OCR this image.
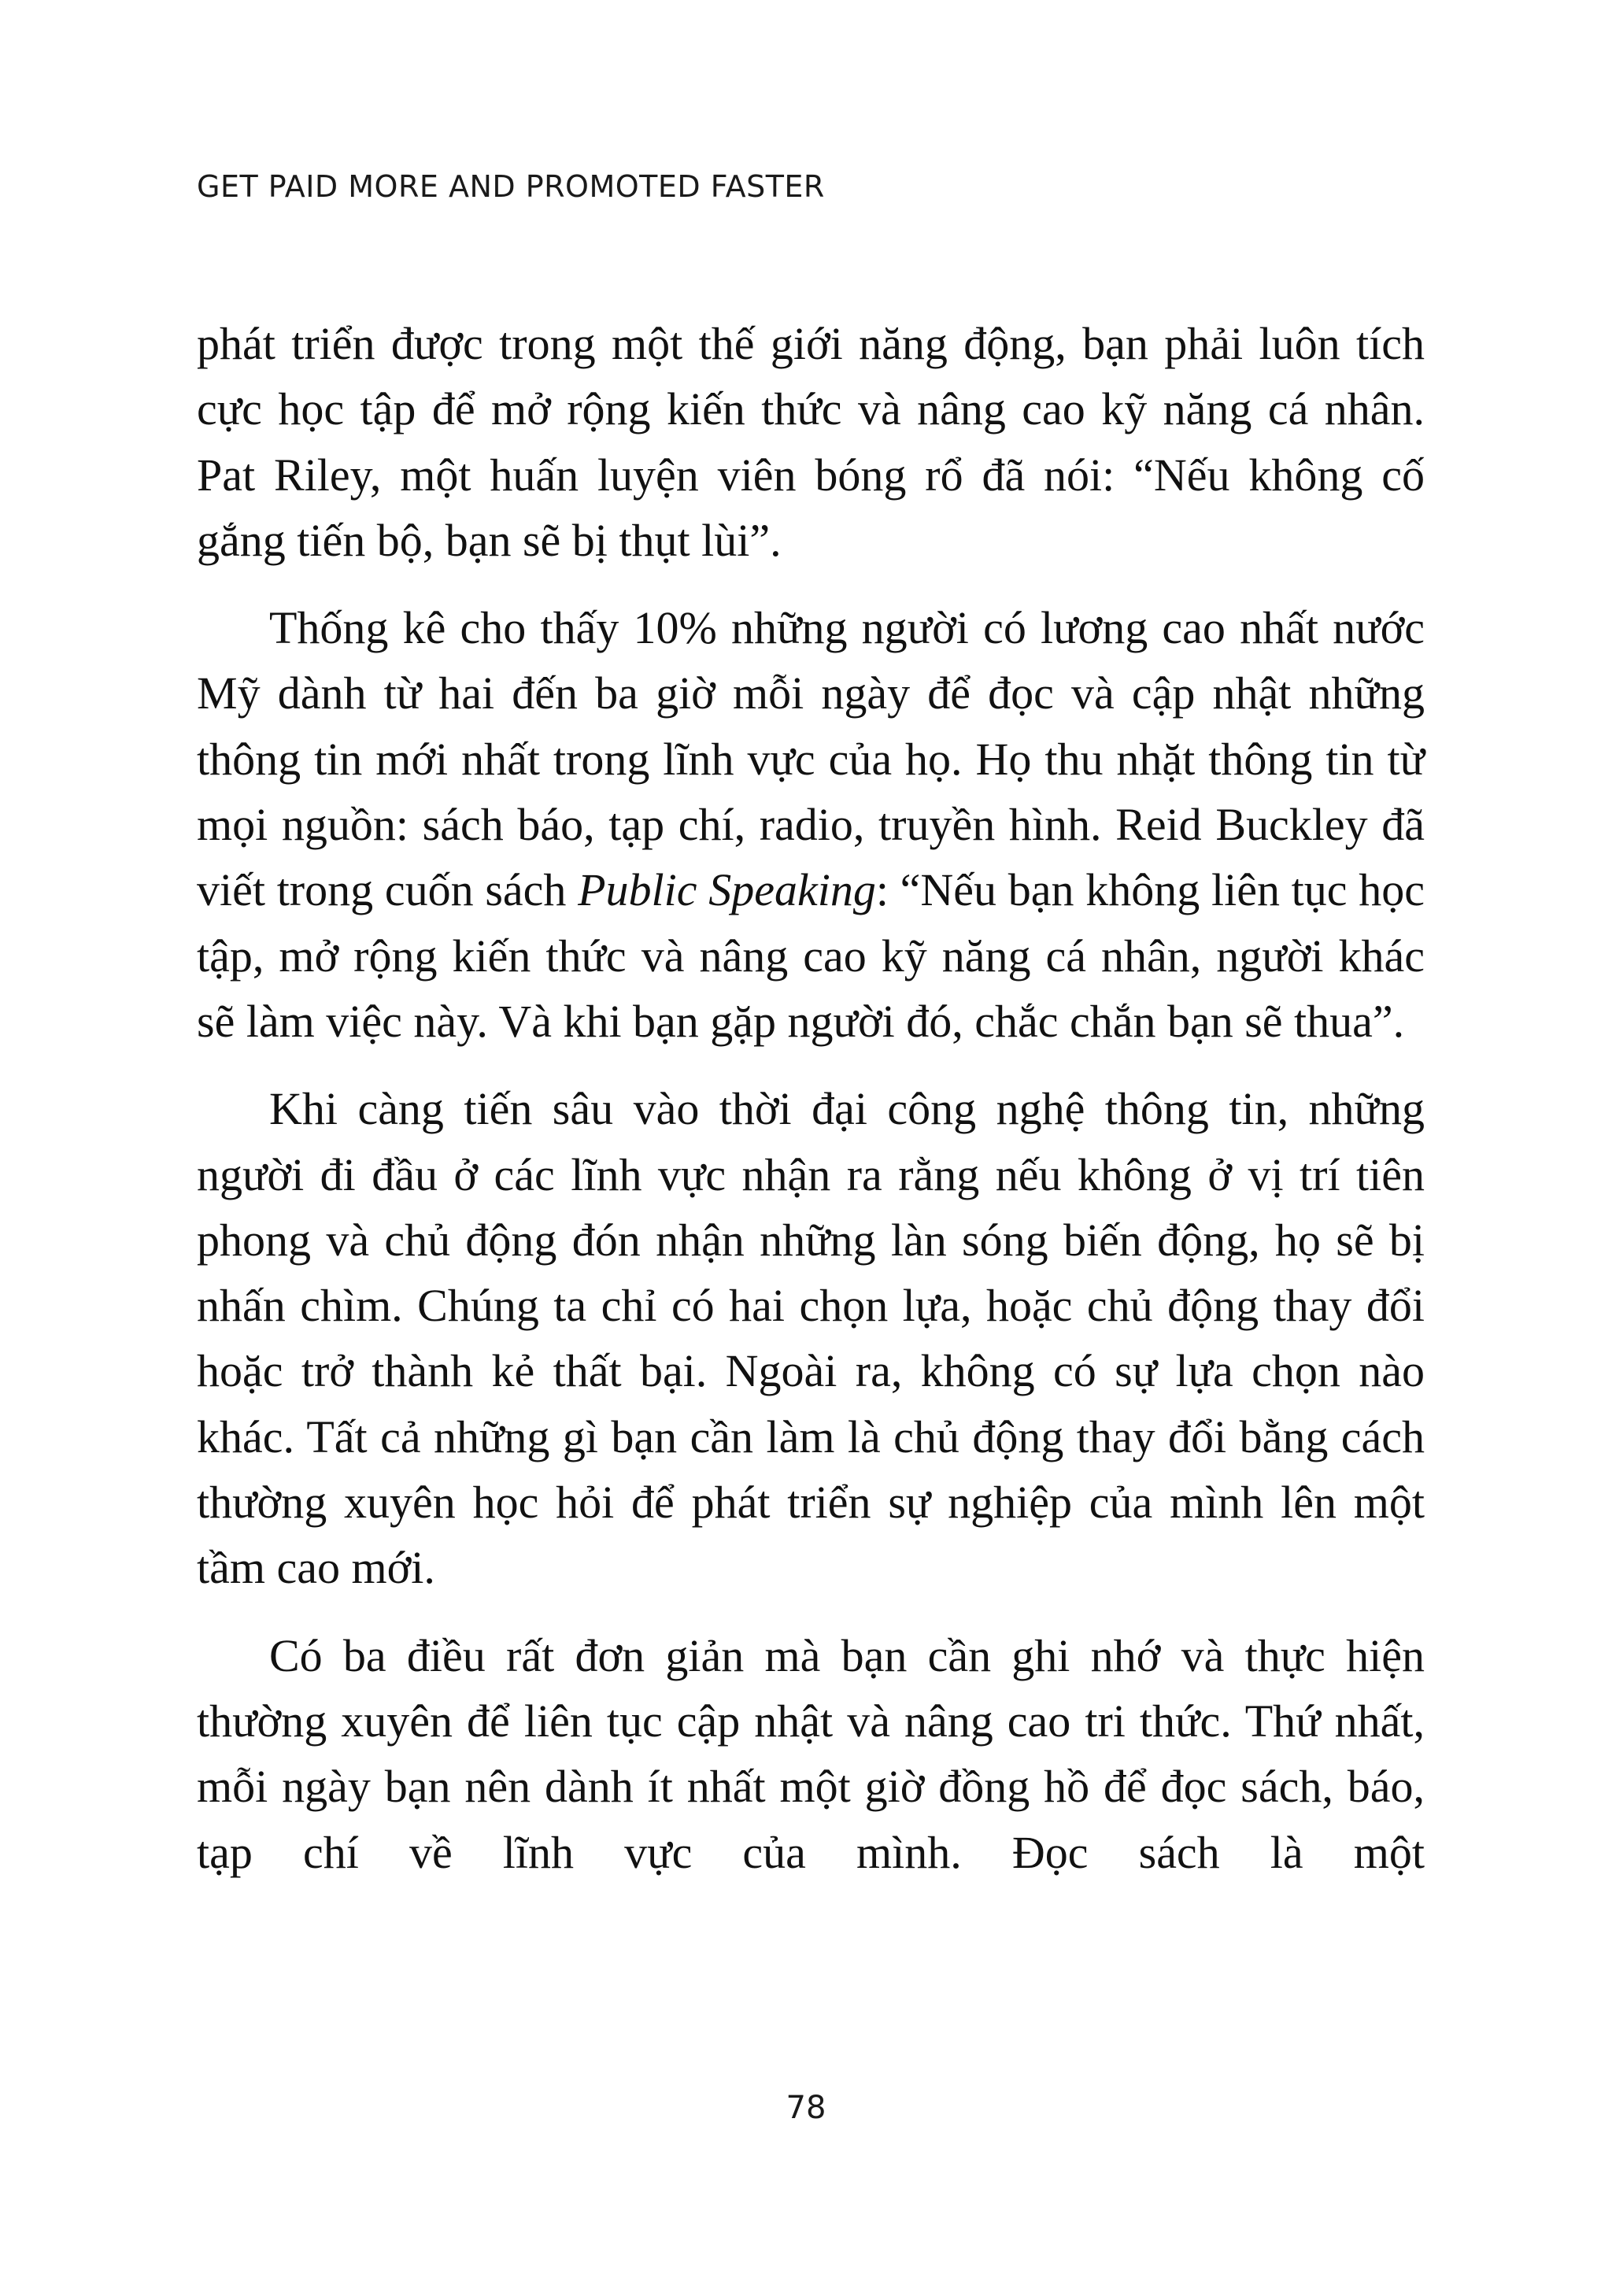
GET PAID MORE AND PROMOTED FASTER

phát triển được trong một thế giới năng động, bạn phải luôn tích cực học tập để mở rộng kiến thức và nâng cao kỹ năng cá nhân. Pat Riley, một huấn luyện viên bóng rổ đã nói: “Nếu không cố gắng tiến bộ, bạn sẽ bị thụt lùi”.

Thống kê cho thấy 10% những người có lương cao nhất nước Mỹ dành từ hai đến ba giờ mỗi ngày để đọc và cập nhật những thông tin mới nhất trong lĩnh vực của họ. Họ thu nhặt thông tin từ mọi nguồn: sách báo, tạp chí, radio, truyền hình. Reid Buckley đã viết trong cuốn sách Public Speaking: “Nếu bạn không liên tục học tập, mở rộng kiến thức và nâng cao kỹ năng cá nhân, người khác sẽ làm việc này. Và khi bạn gặp người đó, chắc chắn bạn sẽ thua”.

Khi càng tiến sâu vào thời đại công nghệ thông tin, những người đi đầu ở các lĩnh vực nhận ra rằng nếu không ở vị trí tiên phong và chủ động đón nhận những làn sóng biến động, họ sẽ bị nhấn chìm. Chúng ta chỉ có hai chọn lựa, hoặc chủ động thay đổi hoặc trở thành kẻ thất bại. Ngoài ra, không có sự lựa chọn nào khác. Tất cả những gì bạn cần làm là chủ động thay đổi bằng cách thường xuyên học hỏi để phát triển sự nghiệp của mình lên một tầm cao mới.

Có ba điều rất đơn giản mà bạn cần ghi nhớ và thực hiện thường xuyên để liên tục cập nhật và nâng cao tri thức. Thứ nhất, mỗi ngày bạn nên dành ít nhất một giờ đồng hồ để đọc sách, báo, tạp chí về lĩnh vực của mình. Đọc sách là một

78
